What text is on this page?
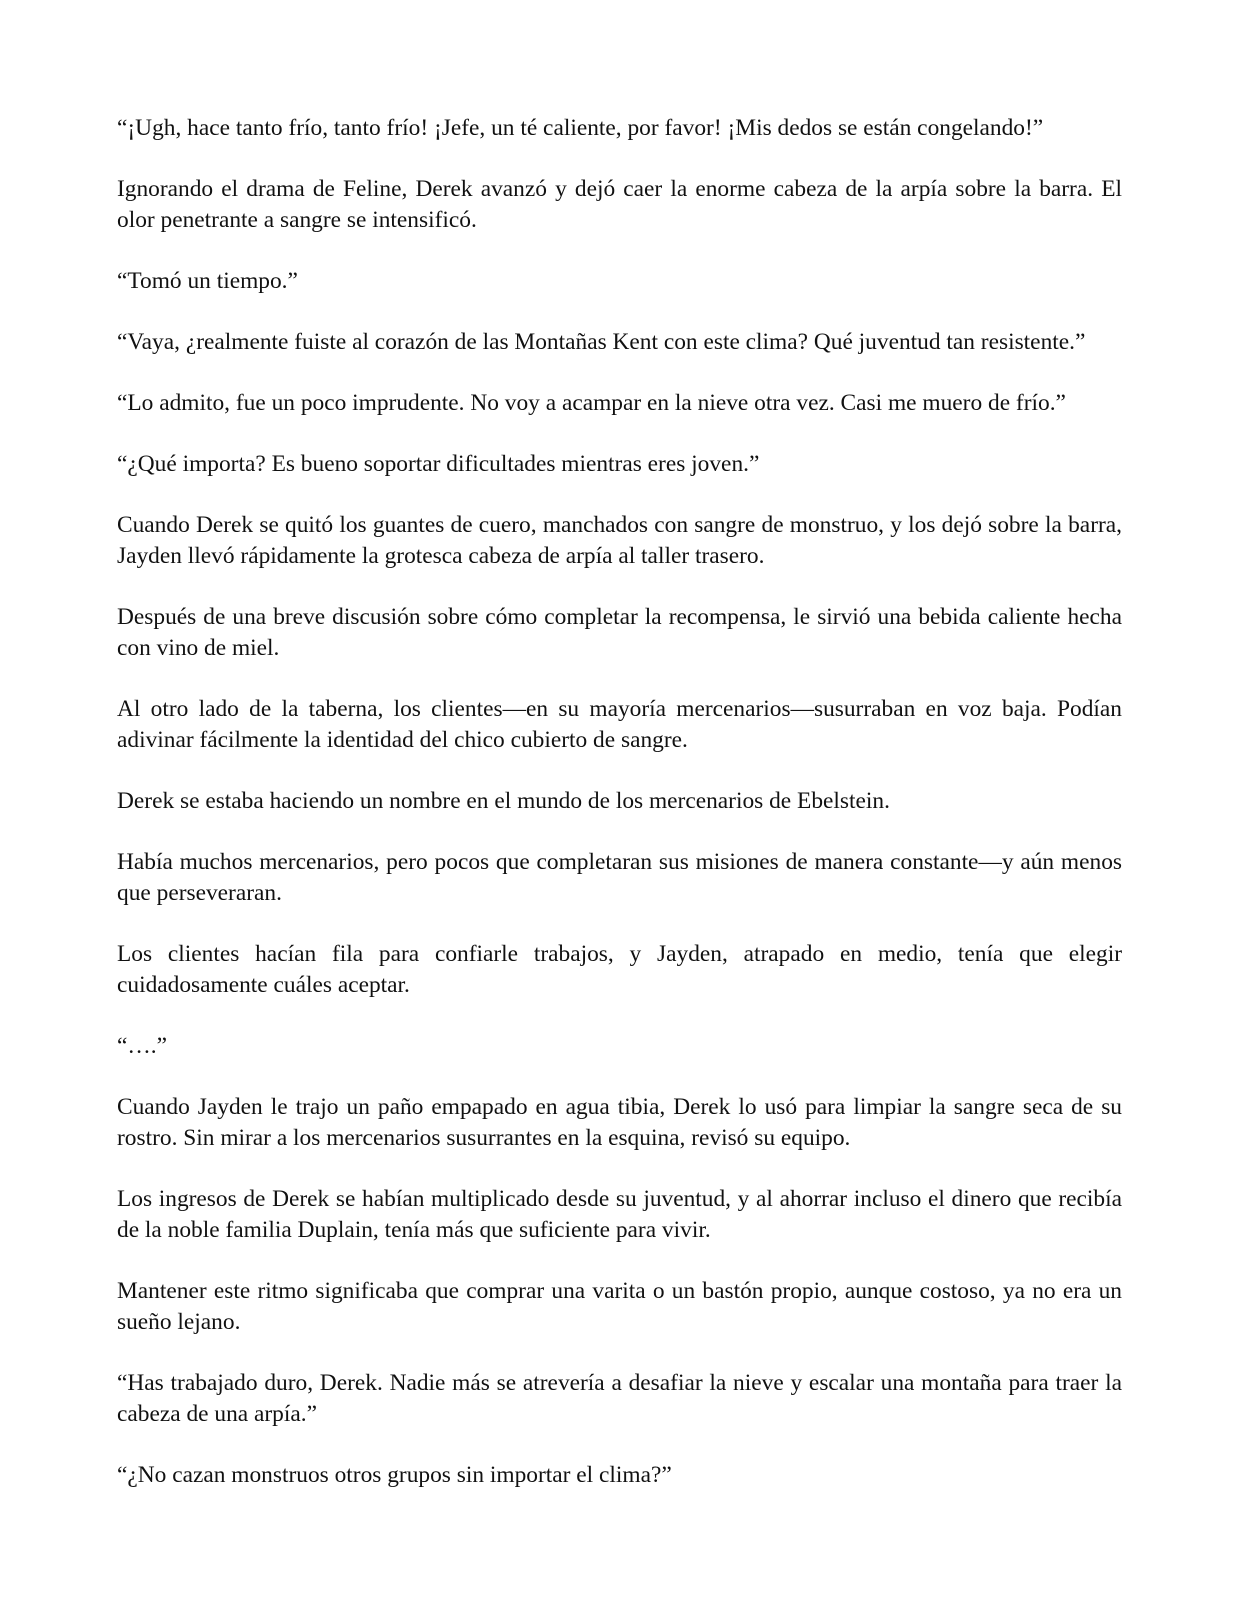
“¡Ugh, hace tanto frío, tanto frío! ¡Jefe, un té caliente, por favor! ¡Mis dedos se están congelando!”

Ignorando el drama de Feline, Derek avanzó y dejó caer la enorme cabeza de la arpía sobre la barra. El olor penetrante a sangre se intensificó.

“Tomó un tiempo.”

“Vaya, ¿realmente fuiste al corazón de las Montañas Kent con este clima? Qué juventud tan resistente.”

“Lo admito, fue un poco imprudente. No voy a acampar en la nieve otra vez. Casi me muero de frío.”

“¿Qué importa? Es bueno soportar dificultades mientras eres joven.”

Cuando Derek se quitó los guantes de cuero, manchados con sangre de monstruo, y los dejó sobre la barra, Jayden llevó rápidamente la grotesca cabeza de arpía al taller trasero.

Después de una breve discusión sobre cómo completar la recompensa, le sirvió una bebida caliente hecha con vino de miel.

Al otro lado de la taberna, los clientes—en su mayoría mercenarios—susurraban en voz baja. Podían adivinar fácilmente la identidad del chico cubierto de sangre.

Derek se estaba haciendo un nombre en el mundo de los mercenarios de Ebelstein.

Había muchos mercenarios, pero pocos que completaran sus misiones de manera constante—y aún menos que perseveraran.

Los clientes hacían fila para confiarle trabajos, y Jayden, atrapado en medio, tenía que elegir cuidadosamente cuáles aceptar.

“….”

Cuando Jayden le trajo un paño empapado en agua tibia, Derek lo usó para limpiar la sangre seca de su rostro. Sin mirar a los mercenarios susurrantes en la esquina, revisó su equipo.

Los ingresos de Derek se habían multiplicado desde su juventud, y al ahorrar incluso el dinero que recibía de la noble familia Duplain, tenía más que suficiente para vivir.

Mantener este ritmo significaba que comprar una varita o un bastón propio, aunque costoso, ya no era un sueño lejano.

“Has trabajado duro, Derek. Nadie más se atrevería a desafiar la nieve y escalar una montaña para traer la cabeza de una arpía.”

“¿No cazan monstruos otros grupos sin importar el clima?”
